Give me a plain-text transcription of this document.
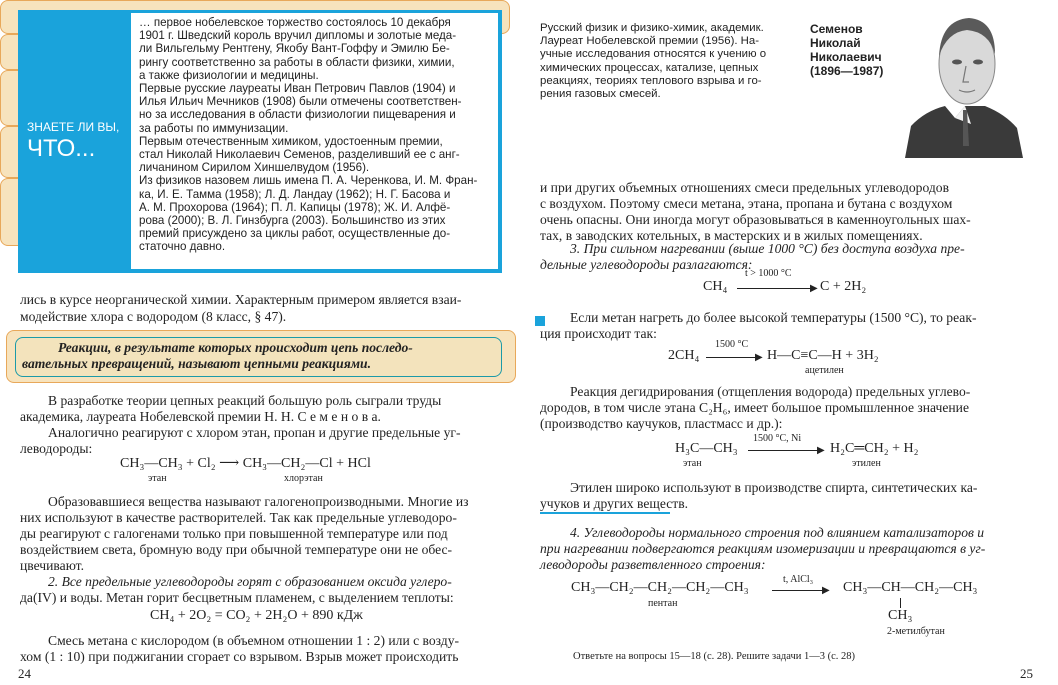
ЗНАЕТЕ ЛИ ВЫ,
ЧТО...
… первое нобелевское торжество состоялось 10 декабря
1901 г. Шведский король вручил дипломы и золотые меда-
ли Вильгельму Рентгену, Якобу Вант-Гоффу и Эмилю Бе-
рингу соответственно за работы в области физики, химии,
а также физиологии и медицины.
Первые русские лауреаты Иван Петрович Павлов (1904) и
Илья Ильич Мечников (1908) были отмечены соответствен-
но за исследования в области физиологии пищеварения и
за работы по иммунизации.
Первым отечественным химиком, удостоенным премии,
стал Николай Николаевич Семенов, разделивший ее с анг-
личанином Сирилом Хиншелвудом (1956).
Из физиков назовем лишь имена П. А. Черенкова, И. М. Фран-
ка, И. Е. Тамма (1958); Л. Д. Ландау (1962); Н. Г. Басова и
А. М. Прохорова (1964); П. Л. Капицы (1978); Ж. И. Алфё-
рова (2000); В. Л. Гинзбурга (2003). Большинство из этих
премий присуждено за циклы работ, осуществленные до-
статочно давно.
лись в курсе неорганической химии. Характерным примером является взаи-
модействие хлора с водородом (8 класс, § 47).
Реакции, в результате которых происходит цепь последо-
вательных превращений, называют цепными реакциями.
В разработке теории цепных реакций большую роль сыграли труды
академика, лауреата Нобелевской премии Н. Н. С е м е н о в а.
Аналогично реагируют с хлором этан, пропан и другие предельные уг-
леводороды:
CH₃—CH₃ + Cl₂ ⟶ CH₃—CH₂—Cl + HCl
этан	хлорэтан
Образовавшиеся вещества называют галогенопроизводными. Многие из
них используют в качестве растворителей. Так как предельные углеводоро-
ды реагируют с галогенами только при повышенной температуре или под
воздействием света, бромную воду при обычной температуре они не обес-
цвечивают.
2. Все предельные углеводороды горят с образованием оксида углеро-
да(IV) и воды. Метан горит бесцветным пламенем, с выделением теплоты:
CH₄ + 2O₂ = CO₂ + 2H₂O + 890 кДж
Смесь метана с кислородом (в объемном отношении 1 : 2) или с возду-
хом (1 : 10) при поджигании сгорает со взрывом. Взрыв может происходить
24
Русский физик и физико-химик, академик.
Лауреат Нобелевской премии (1956). На-
учные исследования относятся к учению о
химических процессах, катализе, цепных
реакциях, теориях теплового взрыва и го-
рения газовых смесей.
Семенов
Николай
Николаевич
(1896—1987)
и при других объемных отношениях смеси предельных углеводородов
с воздухом. Поэтому смеси метана, этана, пропана и бутана с воздухом
очень опасны. Они иногда могут образовываться в каменноугольных шах-
тах, в заводских котельных, в мастерских и в жилых помещениях.
3. При сильном нагревании (выше 1000 °C) без доступа воздуха пре-
дельные углеводороды разлагаются:
CH₄
t > 1000 °C
▶ C + 2H₂
Если метан нагреть до более высокой температуры (1500 °C), то реак-
ция происходит так:
2CH₄
1500 °C
▶ H—C≡C—H + 3H₂
ацетилен
Реакция дегидрирования (отщепления водорода) предельных углево-
дородов, в том числе этана C₂H₆, имеет большое промышленное значение
(производство каучуков, пластмасс и др.):
H₃C—CH₃
1500 °C, Ni
▶ H₂C═CH₂ + H₂
этан	этилен
Этилен широко используют в производстве спирта, синтетических ка-
учуков и других веществ.
4. Углеводороды нормального строения под влиянием катализаторов и
при нагревании подвергаются реакциям изомеризации и превращаются в уг-
леводороды разветвленного строения:
CH₃—CH₂—CH₂—CH₂—CH₃
пентан
t, AlCl₃
▶ CH₃—CH—CH₂—CH₃
CH₃
2-метилбутан
Ответьте на вопросы 15—18 (с. 28). Решите задачи 1—3 (с. 28)
25
